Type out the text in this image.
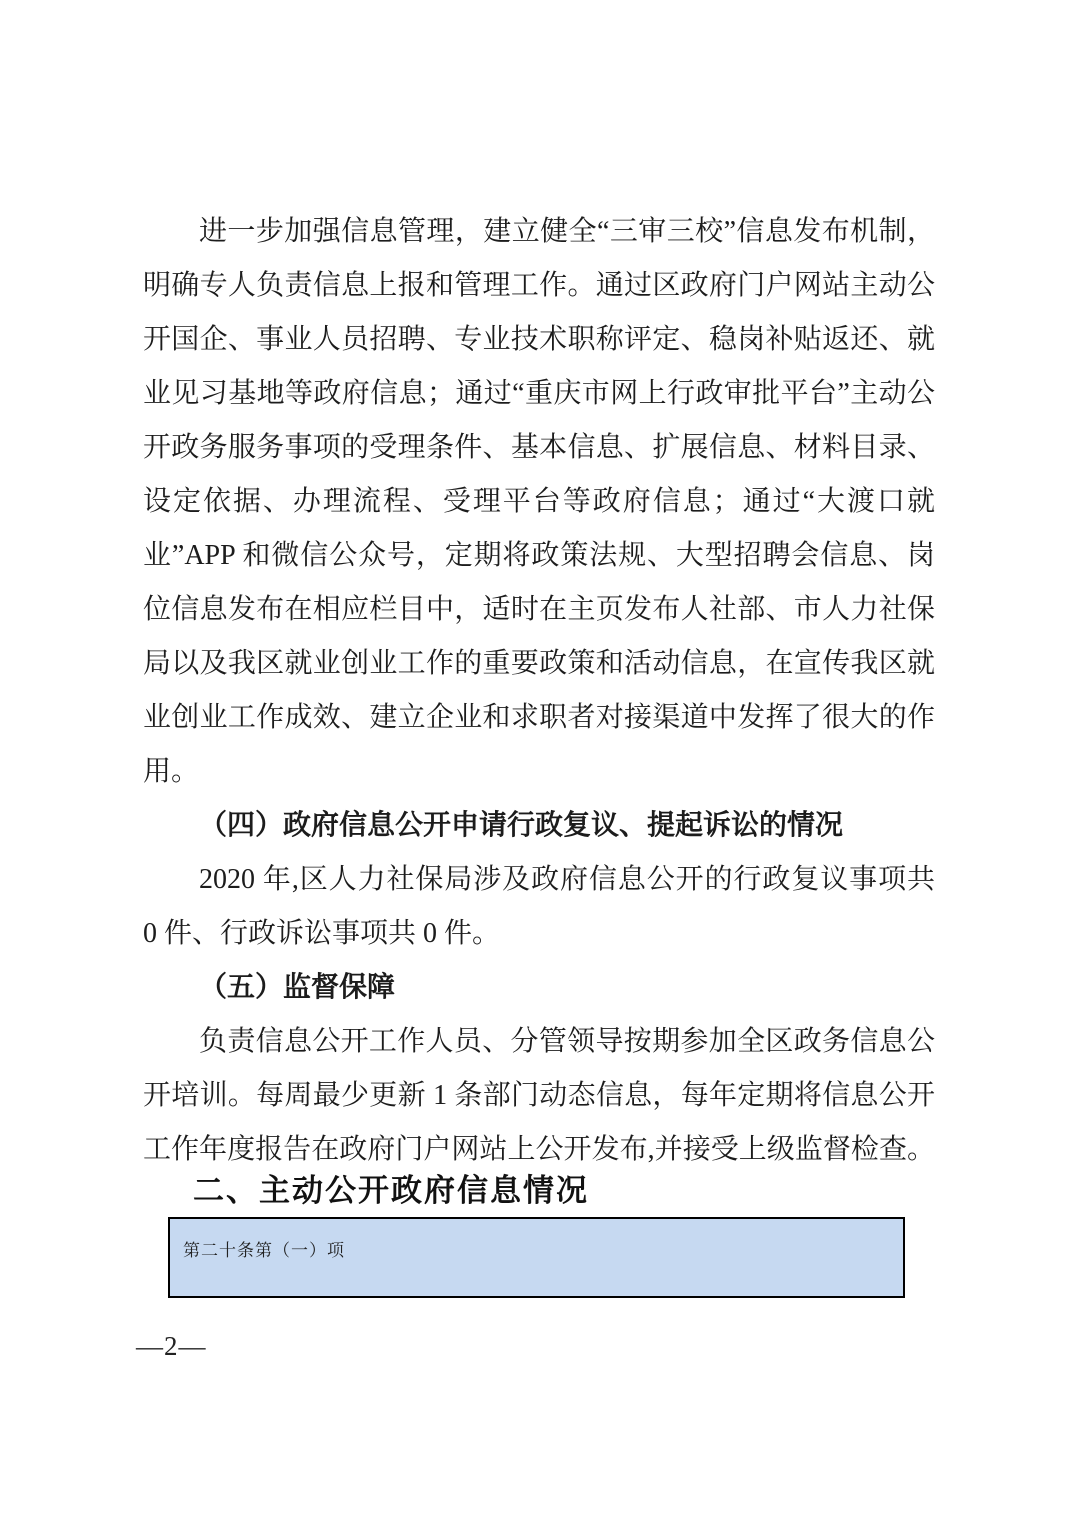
进一步加强信息管理，建立健全“三审三校”信息发布机制，
明确专人负责信息上报和管理工作。通过区政府门户网站主动公
开国企、事业人员招聘、专业技术职称评定、稳岗补贴返还、就
业见习基地等政府信息；通过“重庆市网上行政审批平台”主动公
开政务服务事项的受理条件、基本信息、扩展信息、材料目录、
设定依据、办理流程、受理平台等政府信息；通过“大渡口就
业”APP 和微信公众号，定期将政策法规、大型招聘会信息、岗
位信息发布在相应栏目中，适时在主页发布人社部、市人力社保
局以及我区就业创业工作的重要政策和活动信息，在宣传我区就
业创业工作成效、建立企业和求职者对接渠道中发挥了很大的作
用。
（四）政府信息公开申请行政复议、提起诉讼的情况
2020 年,区人力社保局涉及政府信息公开的行政复议事项共
0 件、行政诉讼事项共 0 件。
（五）监督保障
负责信息公开工作人员、分管领导按期参加全区政务信息公
开培训。每周最少更新 1 条部门动态信息，每年定期将信息公开
工作年度报告在政府门户网站上公开发布,并接受上级监督检查。
二、主动公开政府信息情况
第二十条第（一）项
—2—
